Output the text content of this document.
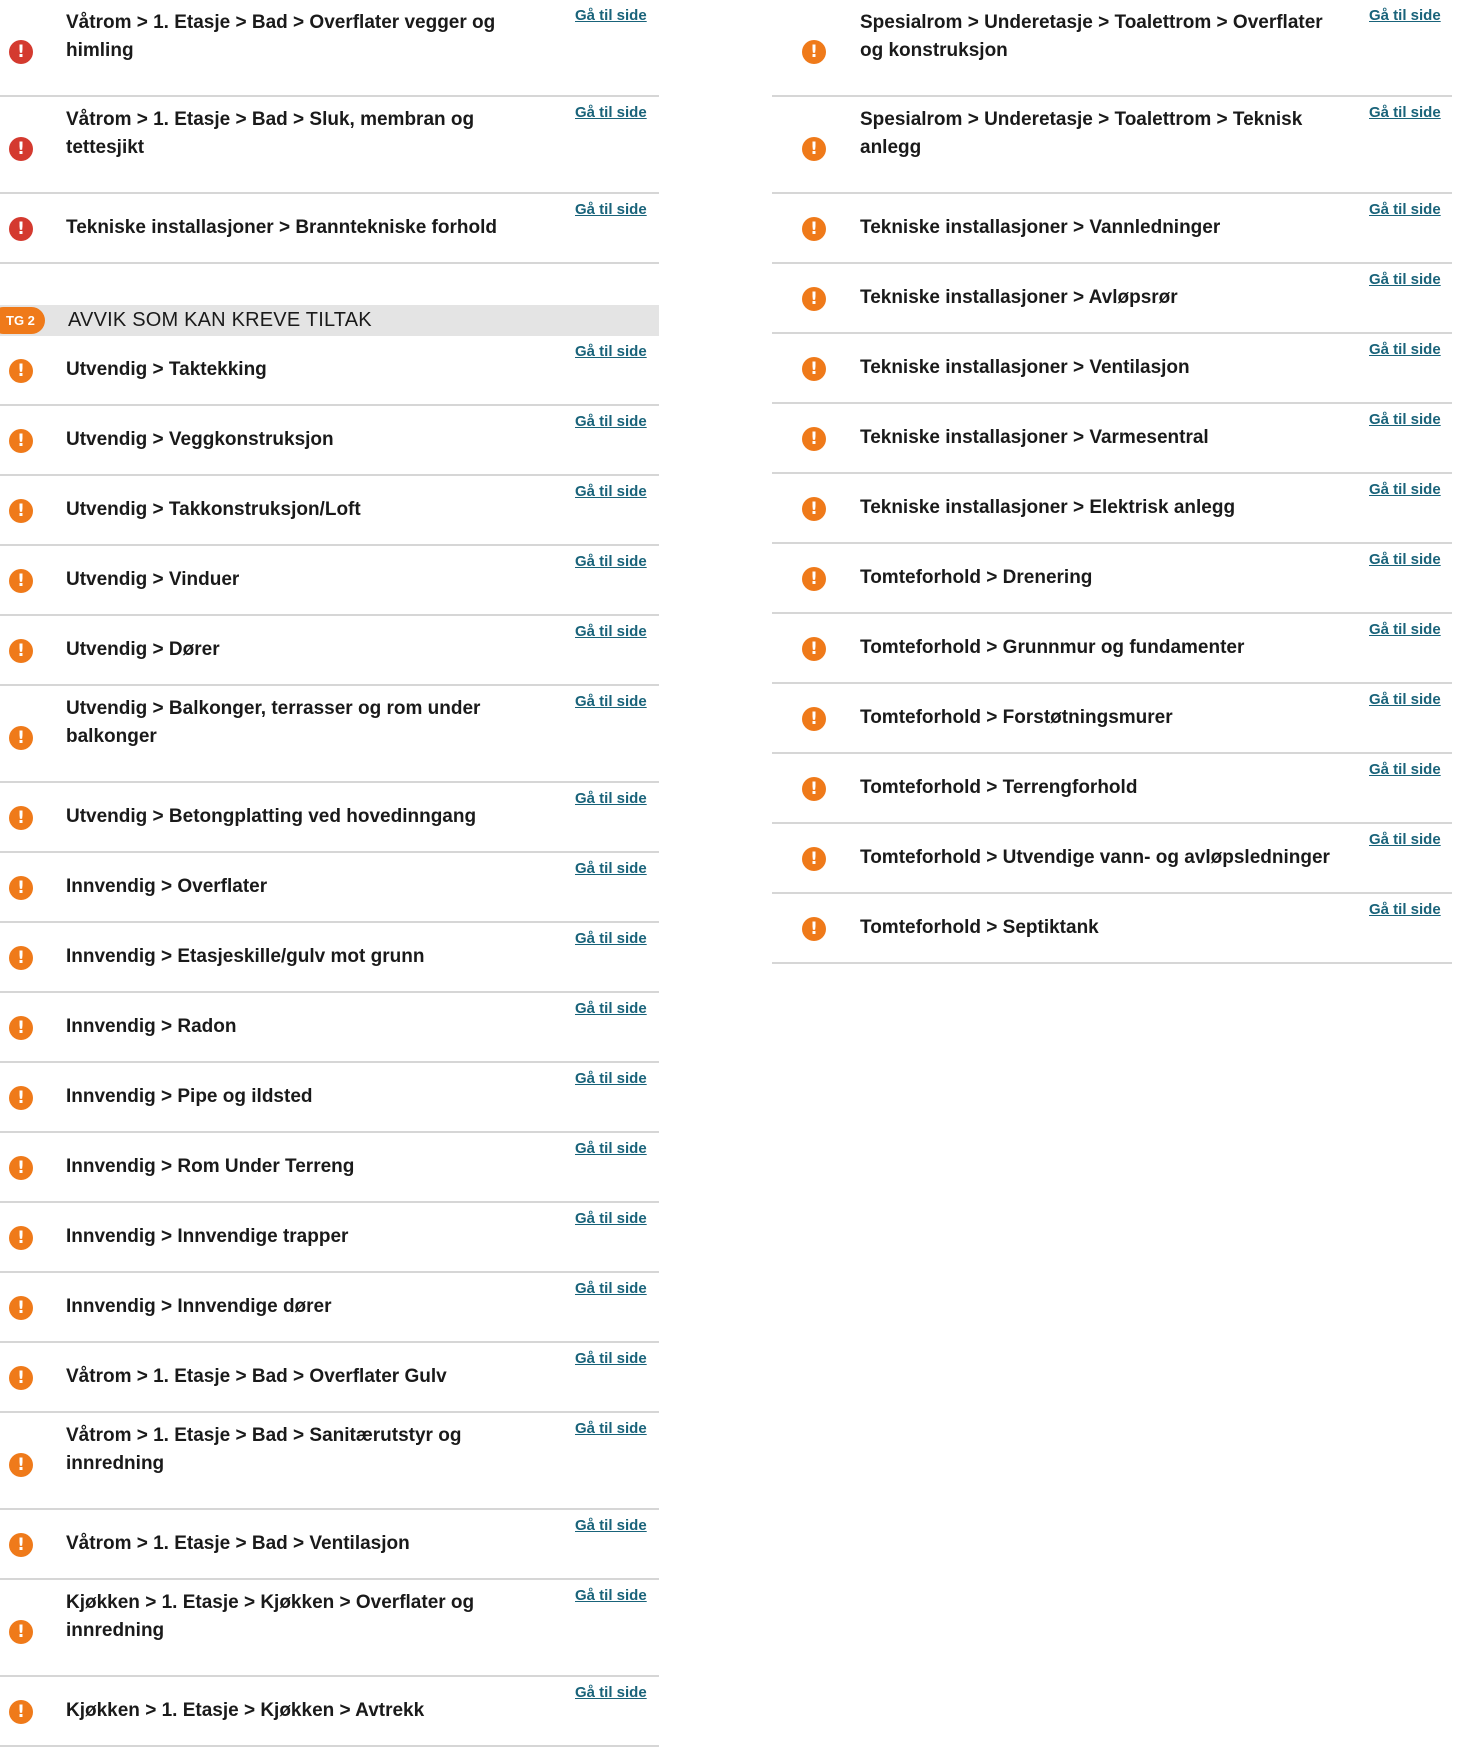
!
Våtrom > 1. Etasje > Bad > Overflater vegger og himling
Gå til side
!
Våtrom > 1. Etasje > Bad > Sluk, membran og tettesjikt
Gå til side
!	Tekniske installasjoner > Branntekniske forhold
Gå til side
TG 2	AVVIK SOM KAN KREVE TILTAK
!	Utvendig > Taktekking
Gå til side
!	Utvendig > Veggkonstruksjon
Gå til side
!	Utvendig > Takkonstruksjon/Loft
Gå til side
!	Utvendig > Vinduer
Gå til side
!	Utvendig > Dører
Gå til side
!
Utvendig > Balkonger, terrasser og rom under balkonger
Gå til side
!	Utvendig > Betongplatting ved hovedinngang
Gå til side
!	Innvendig > Overflater
Gå til side
!	Innvendig > Etasjeskille/gulv mot grunn
Gå til side
!	Innvendig > Radon
Gå til side
!	Innvendig > Pipe og ildsted
Gå til side
!	Innvendig > Rom Under Terreng
Gå til side
!	Innvendig > Innvendige trapper
Gå til side
!	Innvendig > Innvendige dører
Gå til side
!	Våtrom > 1. Etasje > Bad > Overflater Gulv
Gå til side
!
Våtrom > 1. Etasje > Bad > Sanitærutstyr og innredning
Gå til side
!	Våtrom > 1. Etasje > Bad > Ventilasjon
Gå til side
!
Kjøkken > 1. Etasje > Kjøkken > Overflater og innredning
Gå til side
!	Kjøkken > 1. Etasje > Kjøkken > Avtrekk
Gå til side
!
Spesialrom > Underetasje > Toalettrom > Overflater og konstruksjon
Gå til side
!
Spesialrom > Underetasje > Toalettrom > Teknisk anlegg
Gå til side
!	Tekniske installasjoner > Vannledninger
Gå til side
!	Tekniske installasjoner > Avløpsrør
Gå til side
!	Tekniske installasjoner > Ventilasjon
Gå til side
!	Tekniske installasjoner > Varmesentral
Gå til side
!	Tekniske installasjoner > Elektrisk anlegg
Gå til side
!	Tomteforhold > Drenering
Gå til side
!	Tomteforhold > Grunnmur og fundamenter
Gå til side
!	Tomteforhold > Forstøtningsmurer
Gå til side
!	Tomteforhold > Terrengforhold
Gå til side
!	Tomteforhold > Utvendige vann- og avløpsledninger
Gå til side
!	Tomteforhold > Septiktank
Gå til side
